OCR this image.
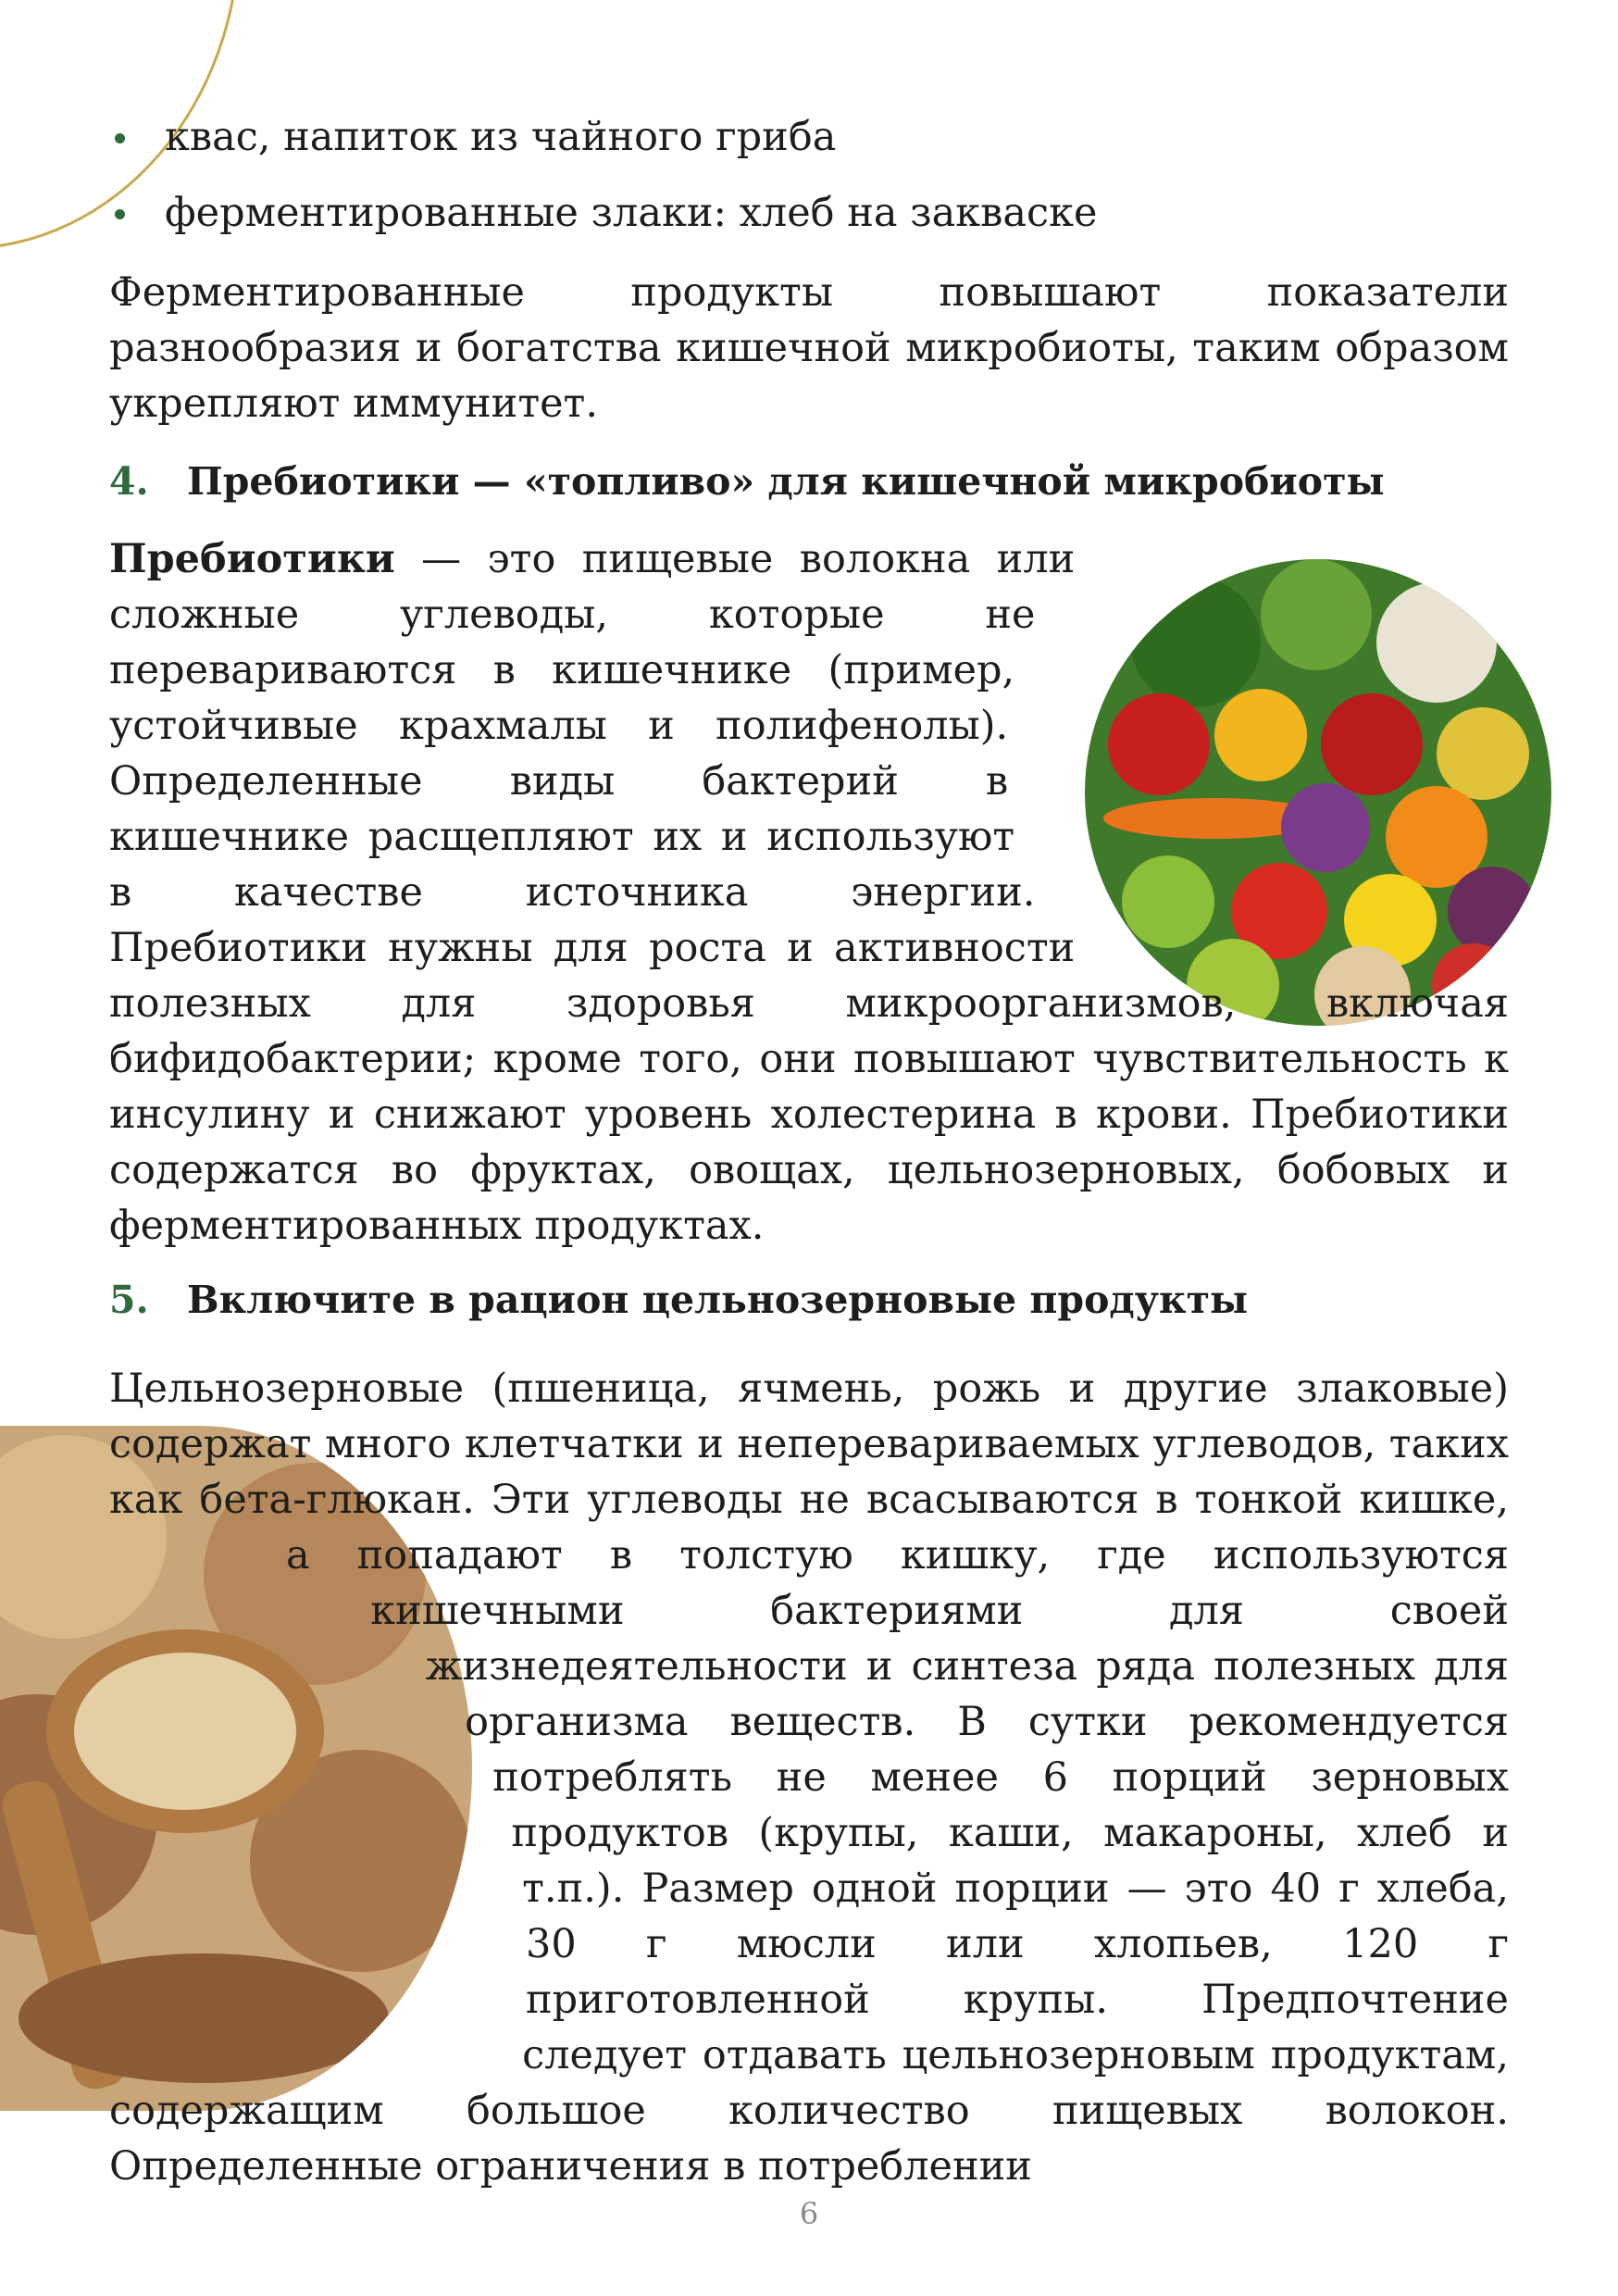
квас, напиток из чайного гриба
ферментированные злаки: хлеб на закваске

Ферментированные продукты повышают показатели разнообразия и богатства кишечной микробиоты, таким образом укрепляют иммунитет.

4. Пребиотики — «топливо» для кишечной микробиоты

Пребиотики — это пищевые волокна или сложные углеводы, которые не перевариваются в кишечнике (пример, устойчивые крахмалы и полифенолы). Определенные виды бактерий в кишечнике расщепляют их и используют в качестве источника энергии. Пребиотики нужны для роста и активности полезных для здоровья микроорганизмов, включая бифидобактерии; кроме того, они повышают чувствительность к инсулину и снижают уровень холестерина в крови. Пребиотики содержатся во фруктах, овощах, цельнозерновых, бобовых и ферментированных продуктах.

5. Включите в рацион цельнозерновые продукты

Цельнозерновые (пшеница, ячмень, рожь и другие злаковые) содержат много клетчатки и неперевариваемых углеводов, таких как бета-глюкан. Эти углеводы не всасываются в тонкой кишке, а попадают в толстую кишку, где используются кишечными бактериями для своей жизнедеятельности и синтеза ряда полезных для организма веществ. В сутки рекомендуется потреблять не менее 6 порций зерновых продуктов (крупы, каши, макароны, хлеб и т.п.). Размер одной порции — это 40 г хлеба, 30 г мюсли или хлопьев, 120 г приготовленной крупы. Предпочтение следует отдавать цельнозерновым продуктам, содержащим большое количество пищевых волокон. Определенные ограничения в потреблении

6
